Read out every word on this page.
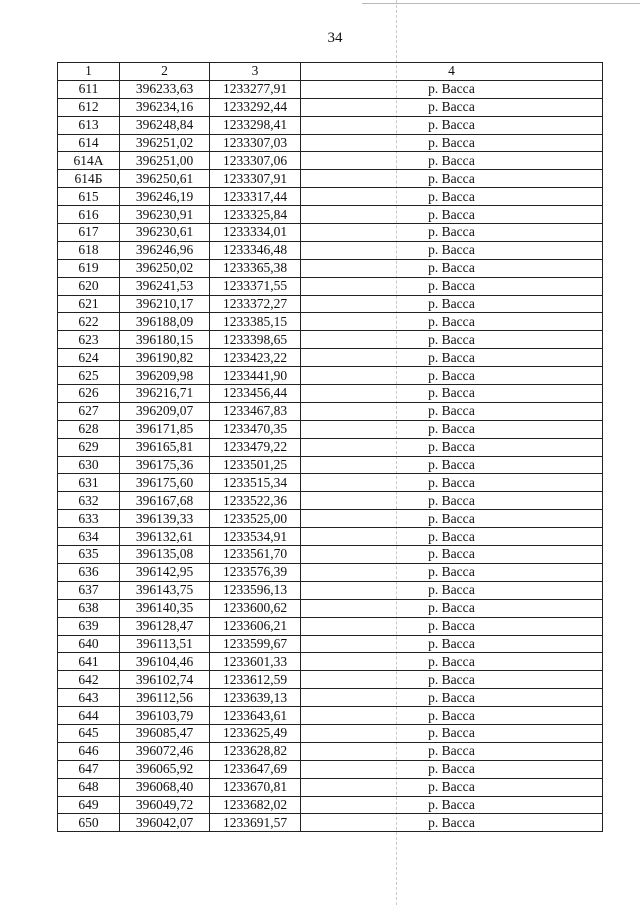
34
1	2	3	4
611	396233,63	1233277,91	р. Васса
612	396234,16	1233292,44	р. Васса
613	396248,84	1233298,41	р. Васса
614	396251,02	1233307,03	р. Васса
614А	396251,00	1233307,06	р. Васса
614Б	396250,61	1233307,91	р. Васса
615	396246,19	1233317,44	р. Васса
616	396230,91	1233325,84	р. Васса
617	396230,61	1233334,01	р. Васса
618	396246,96	1233346,48	р. Васса
619	396250,02	1233365,38	р. Васса
620	396241,53	1233371,55	р. Васса
621	396210,17	1233372,27	р. Васса
622	396188,09	1233385,15	р. Васса
623	396180,15	1233398,65	р. Васса
624	396190,82	1233423,22	р. Васса
625	396209,98	1233441,90	р. Васса
626	396216,71	1233456,44	р. Васса
627	396209,07	1233467,83	р. Васса
628	396171,85	1233470,35	р. Васса
629	396165,81	1233479,22	р. Васса
630	396175,36	1233501,25	р. Васса
631	396175,60	1233515,34	р. Васса
632	396167,68	1233522,36	р. Васса
633	396139,33	1233525,00	р. Васса
634	396132,61	1233534,91	р. Васса
635	396135,08	1233561,70	р. Васса
636	396142,95	1233576,39	р. Васса
637	396143,75	1233596,13	р. Васса
638	396140,35	1233600,62	р. Васса
639	396128,47	1233606,21	р. Васса
640	396113,51	1233599,67	р. Васса
641	396104,46	1233601,33	р. Васса
642	396102,74	1233612,59	р. Васса
643	396112,56	1233639,13	р. Васса
644	396103,79	1233643,61	р. Васса
645	396085,47	1233625,49	р. Васса
646	396072,46	1233628,82	р. Васса
647	396065,92	1233647,69	р. Васса
648	396068,40	1233670,81	р. Васса
649	396049,72	1233682,02	р. Васса
650	396042,07	1233691,57	р. Васса
